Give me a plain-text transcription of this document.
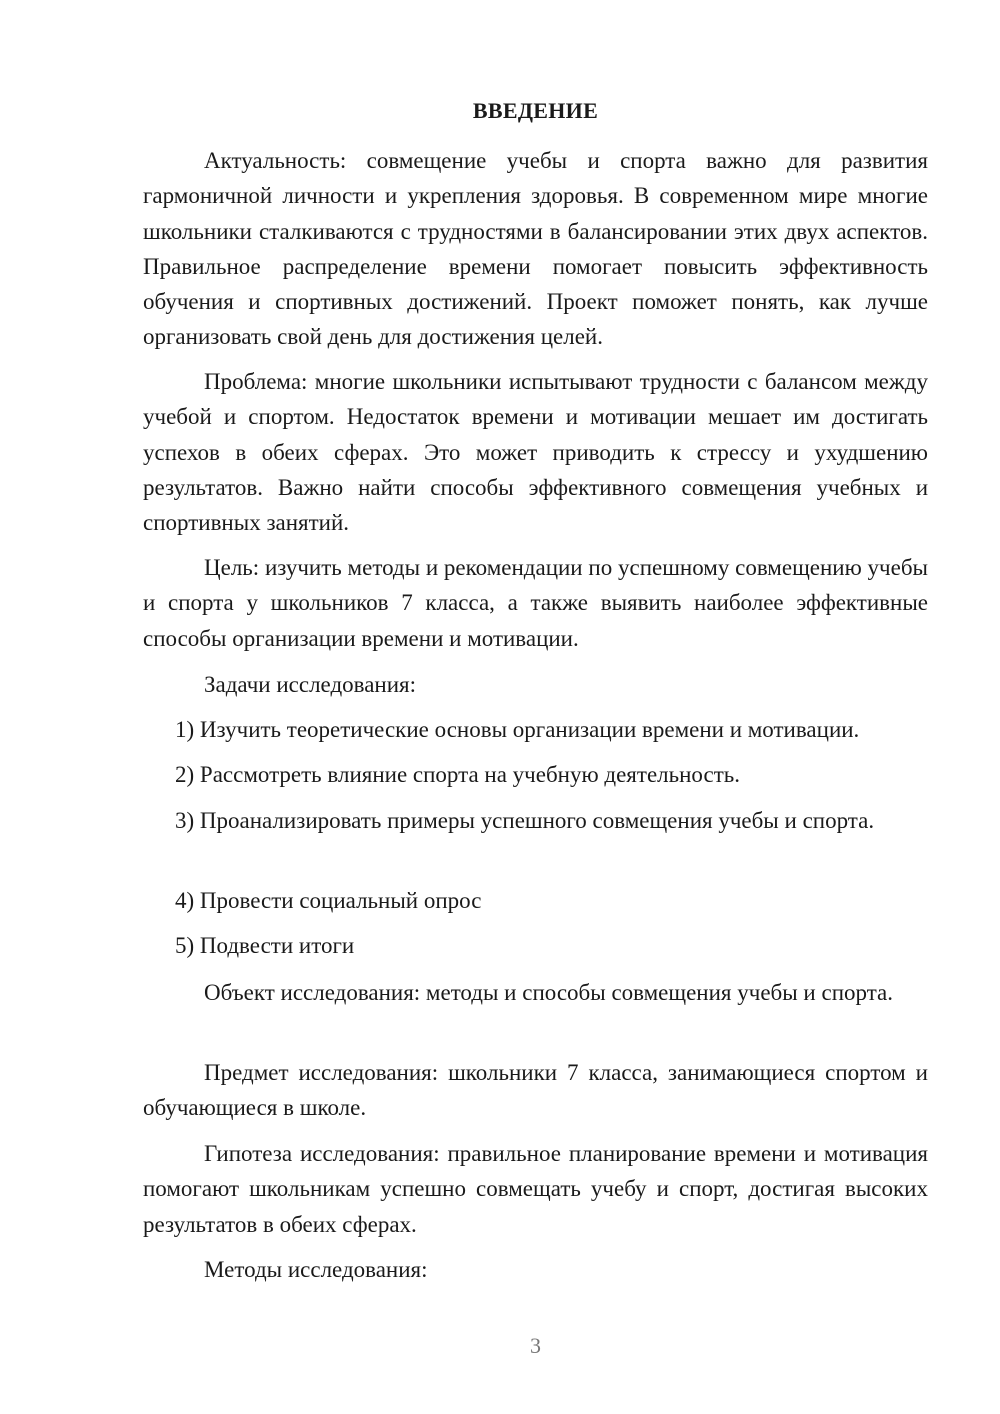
ВВЕДЕНИЕ

Актуальность: совмещение учебы и спорта важно для развития гармоничной личности и укрепления здоровья. В современном мире многие школьники сталкиваются с трудностями в балансировании этих двух аспектов. Правильное распределение времени помогает повысить эффективность обучения и спортивных достижений. Проект поможет понять, как лучше организовать свой день для достижения целей.

Проблема: многие школьники испытывают трудности с балансом между учебой и спортом. Недостаток времени и мотивации мешает им достигать успехов в обеих сферах. Это может приводить к стрессу и ухудшению результатов. Важно найти способы эффективного совмещения учебных и спортивных занятий.

Цель: изучить методы и рекомендации по успешному совмещению учебы и спорта у школьников 7 класса, а также выявить наиболее эффективные способы организации времени и мотивации.

Задачи исследования:

1) Изучить теоретические основы организации времени и мотивации.

2) Рассмотреть влияние спорта на учебную деятельность.

3) Проанализировать примеры успешного совмещения учебы и спорта.

4) Провести социальный опрос

5) Подвести итоги

Объект исследования: методы и способы совмещения учебы и спорта.

Предмет исследования: школьники 7 класса, занимающиеся спортом и обучающиеся в школе.

Гипотеза исследования: правильное планирование времени и мотивация помогают школьникам успешно совмещать учебу и спорт, достигая высоких результатов в обеих сферах.

Методы исследования:

3
